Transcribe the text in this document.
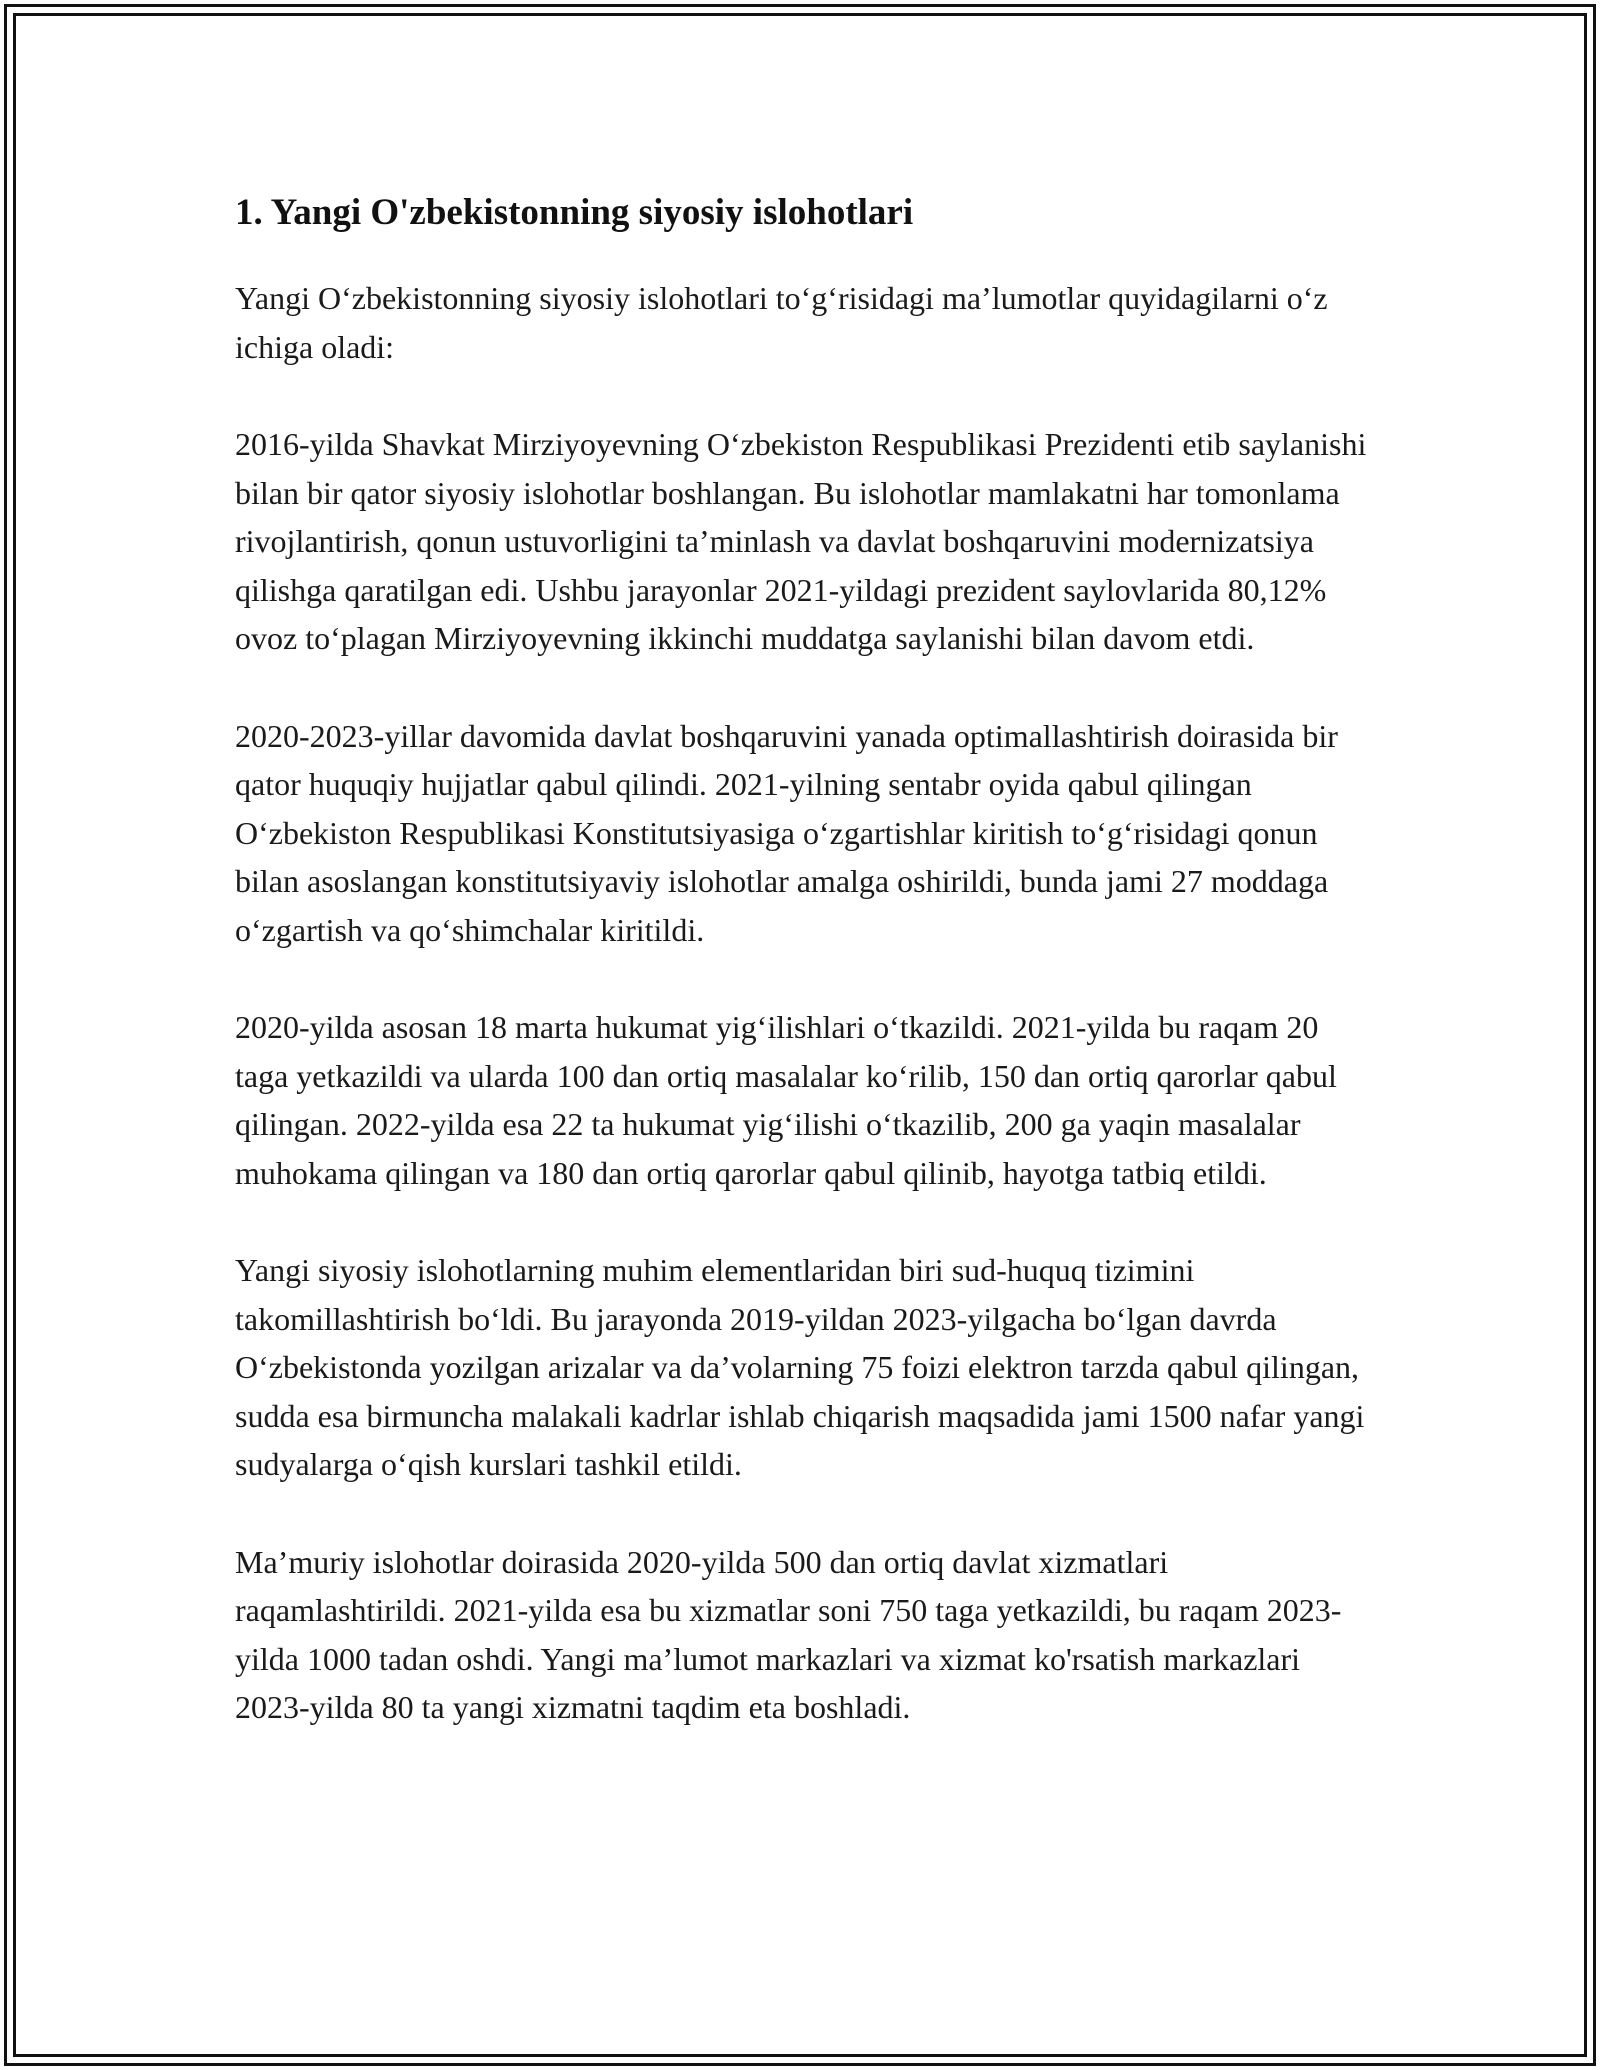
1. Yangi O'zbekistonning siyosiy islohotlari

Yangi O‘zbekistonning siyosiy islohotlari to‘g‘risidagi ma’lumotlar quyidagilarni o‘z ichiga oladi:

2016-yilda Shavkat Mirziyoyevning O‘zbekiston Respublikasi Prezidenti etib saylanishi bilan bir qator siyosiy islohotlar boshlangan. Bu islohotlar mamlakatni har tomonlama rivojlantirish, qonun ustuvorligini ta’minlash va davlat boshqaruvini modernizatsiya qilishga qaratilgan edi. Ushbu jarayonlar 2021-yildagi prezident saylovlarida 80,12% ovoz to‘plagan Mirziyoyevning ikkinchi muddatga saylanishi bilan davom etdi.

2020-2023-yillar davomida davlat boshqaruvini yanada optimallashtirish doirasida bir qator huquqiy hujjatlar qabul qilindi. 2021-yilning sentabr oyida qabul qilingan O‘zbekiston Respublikasi Konstitutsiyasiga o‘zgartishlar kiritish to‘g‘risidagi qonun bilan asoslangan konstitutsiyaviy islohotlar amalga oshirildi, bunda jami 27 moddaga o‘zgartish va qo‘shimchalar kiritildi.

2020-yilda asosan 18 marta hukumat yig‘ilishlari o‘tkazildi. 2021-yilda bu raqam 20 taga yetkazildi va ularda 100 dan ortiq masalalar ko‘rilib, 150 dan ortiq qarorlar qabul qilingan. 2022-yilda esa 22 ta hukumat yig‘ilishi o‘tkazilib, 200 ga yaqin masalalar muhokama qilingan va 180 dan ortiq qarorlar qabul qilinib, hayotga tatbiq etildi.

Yangi siyosiy islohotlarning muhim elementlaridan biri sud-huquq tizimini takomillashtirish bo‘ldi. Bu jarayonda 2019-yildan 2023-yilgacha bo‘lgan davrda O‘zbekistonda yozilgan arizalar va da’volarning 75 foizi elektron tarzda qabul qilingan, sudda esa birmuncha malakali kadrlar ishlab chiqarish maqsadida jami 1500 nafar yangi sudyalarga o‘qish kurslari tashkil etildi.

Ma’muriy islohotlar doirasida 2020-yilda 500 dan ortiq davlat xizmatlari raqamlashtirildi. 2021-yilda esa bu xizmatlar soni 750 taga yetkazildi, bu raqam 2023-yilda 1000 tadan oshdi. Yangi ma’lumot markazlari va xizmat ko'rsatish markazlari 2023-yilda 80 ta yangi xizmatni taqdim eta boshladi.
